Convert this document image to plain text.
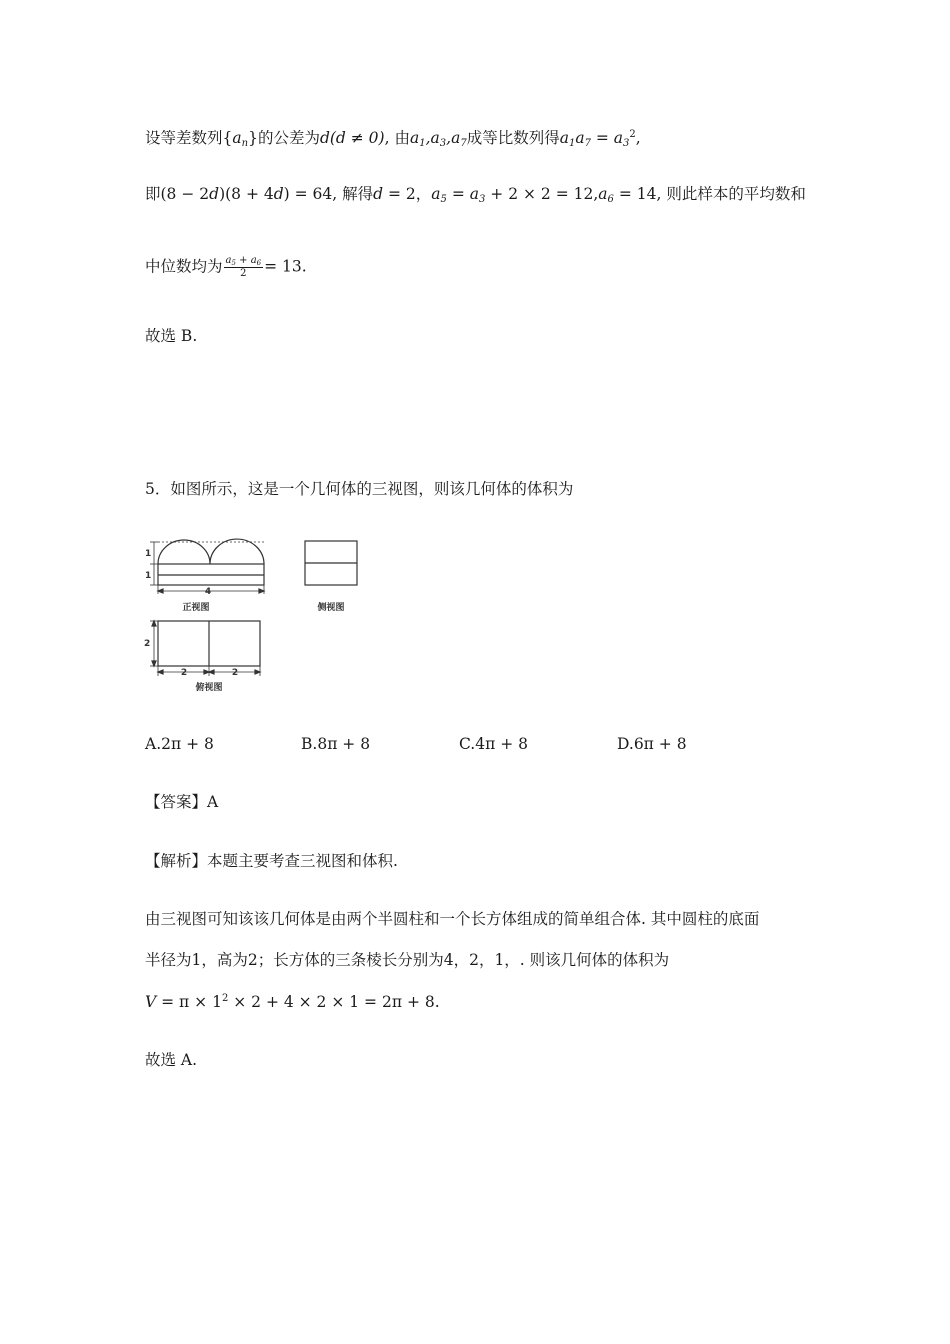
设等差数列$\{a_n\}$的公差为d(d ≠ 0), 由$a_1,a_3,a_7$成等比数列得$a_1a_7 = a_3^2$,
即(8 − 2d)(8 + 4d) = 64, 解得d = 2，$a_5 = a_3 + 2 \times 2 = 12,a_6 = 14$, 则此样本的平均数和
中位数均为 $\frac{a_5 + a_6}{2} = 13$.
故选 B.
5．如图所示，这是一个几何体的三视图，则该几何体的体积为
1
1
4
正视图	侧视图
2
2	2
俯视图
A.2π + 8	B.8π + 8	C.4π + 8	D.6π + 8
【答案】A
【解析】本题主要考查三视图和体积.
由三视图可知该该几何体是由两个半圆柱和一个长方体组成的简单组合体. 其中圆柱的底面
半径为1，高为2；长方体的三条棱长分别为4，2，1，. 则该几何体的体积为
$V = \pi \times 1^2 \times 2 + 4 \times 2 \times 1 = 2\pi + 8$.
故选 A.
